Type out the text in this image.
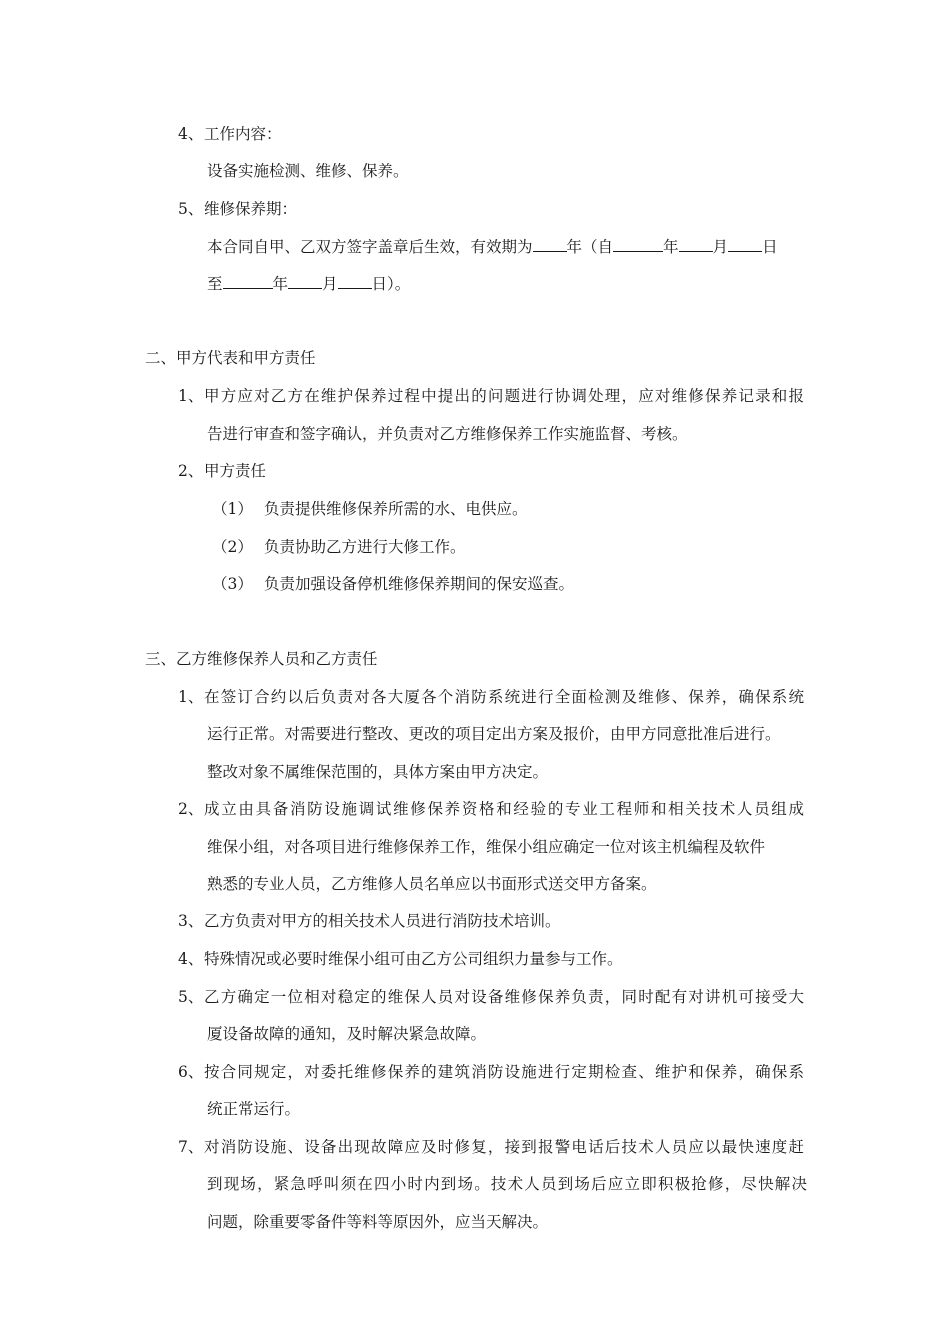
4、工作内容：
设备实施检测、维修、保养。
5、维修保养期：
本合同自甲、乙双方签字盖章后生效，有效期为 年（自	年 月 日
至	年 月 日）。
二、甲方代表和甲方责任
1、甲方应对乙方在维护保养过程中提出的问题进行协调处理，应对维修保养记录和报
告进行审查和签字确认，并负责对乙方维修保养工作实施监督、考核。
2、甲方责任
（1） 负责提供维修保养所需的水、电供应。
（2） 负责协助乙方进行大修工作。
（3） 负责加强设备停机维修保养期间的保安巡查。
三、乙方维修保养人员和乙方责任
1、在签订合约以后负责对各大厦各个消防系统进行全面检测及维修、保养，确保系统
运行正常。对需要进行整改、更改的项目定出方案及报价，由甲方同意批准后进行。
整改对象不属维保范围的，具体方案由甲方决定。
2、成立由具备消防设施调试维修保养资格和经验的专业工程师和相关技术人员组成
维保小组，对各项目进行维修保养工作，维保小组应确定一位对该主机编程及软件
熟悉的专业人员，乙方维修人员名单应以书面形式送交甲方备案。
3、乙方负责对甲方的相关技术人员进行消防技术培训。
4、特殊情况或必要时维保小组可由乙方公司组织力量参与工作。
5、乙方确定一位相对稳定的维保人员对设备维修保养负责，同时配有对讲机可接受大
厦设备故障的通知，及时解决紧急故障。
6、按合同规定，对委托维修保养的建筑消防设施进行定期检查、维护和保养，确保系
统正常运行。
7、对消防设施、设备出现故障应及时修复，接到报警电话后技术人员应以最快速度赶
到现场，紧急呼叫须在四小时内到场。技术人员到场后应立即积极抢修，尽快解决
问题，除重要零备件等料等原因外，应当天解决。
